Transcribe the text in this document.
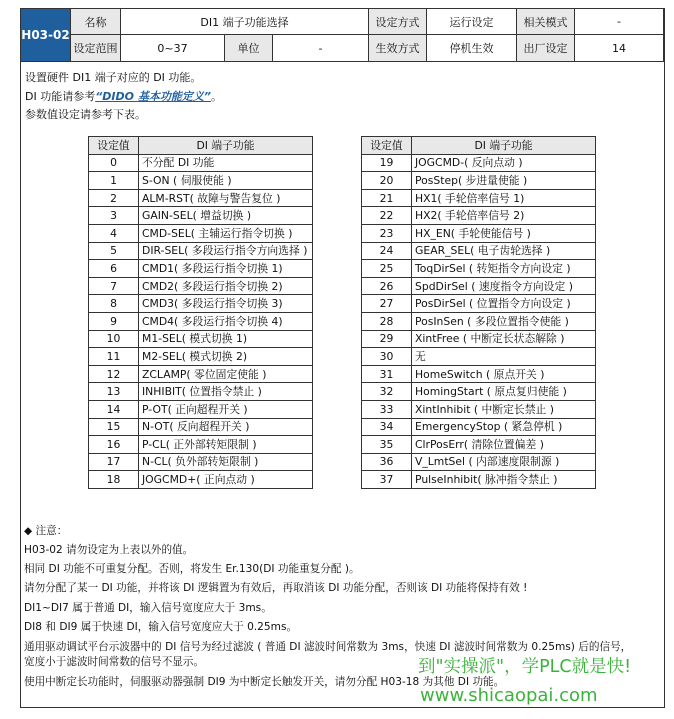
H03-02
名称	DI1 端子功能选择	设定方式	运行设定	相关模式	-
设定范围	0~37	单位	-	生效方式	停机生效	出厂设定	14
设置硬件 DI1 端子对应的 DI 功能。
DI 功能请参考“DIDO 基本功能定义”。
参数值设定请参考下表。
设定值	DI 端子功能
0	不分配 DI 功能
1	S-ON ( 伺服使能 )
2	ALM-RST( 故障与警告复位 )
3	GAIN-SEL( 增益切换 )
4	CMD-SEL( 主辅运行指令切换 )
5	DIR-SEL( 多段运行指令方向选择 )
6	CMD1( 多段运行指令切换 1)
7	CMD2( 多段运行指令切换 2)
8	CMD3( 多段运行指令切换 3)
9	CMD4( 多段运行指令切换 4)
10	M1-SEL( 模式切换 1)
11	M2-SEL( 模式切换 2)
12	ZCLAMP( 零位固定使能 )
13	INHIBIT( 位置指令禁止 )
14	P-OT( 正向超程开关 )
15	N-OT( 反向超程开关 )
16	P-CL( 正外部转矩限制 )
17	N-CL( 负外部转矩限制 )
18	JOGCMD+( 正向点动 )
设定值	DI 端子功能
19	JOGCMD-( 反向点动 )
20	PosStep( 步进量使能 )
21	HX1( 手轮倍率信号 1)
22	HX2( 手轮倍率信号 2)
23	HX_EN( 手轮使能信号 )
24	GEAR_SEL( 电子齿轮选择 )
25	ToqDirSel ( 转矩指令方向设定 )
26	SpdDirSel ( 速度指令方向设定 )
27	PosDirSel ( 位置指令方向设定 )
28	PosInSen ( 多段位置指令使能 )
29	XintFree ( 中断定长状态解除 )
30	无
31	HomeSwitch ( 原点开关 )
32	HomingStart ( 原点复归使能 )
33	XintInhibit ( 中断定长禁止 )
34	EmergencyStop ( 紧急停机 )
35	ClrPosErr( 清除位置偏差 )
36	V_LmtSel ( 内部速度限制源 )
37	PulseInhibit( 脉冲指令禁止 )
◆ 注意：
H03-02 请勿设定为上表以外的值。
相同 DI 功能不可重复分配。否则，将发生 Er.130(DI 功能重复分配 )。
请勿分配了某一 DI 功能，并将该 DI 逻辑置为有效后，再取消该 DI 功能分配，否则该 DI 功能将保持有效 !
DI1~DI7 属于普通 DI，输入信号宽度应大于 3ms。
DI8 和 DI9 属于快速 DI，输入信号宽度应大于 0.25ms。
通用驱动调试平台示波器中的 DI 信号为经过滤波 ( 普通 DI 滤波时间常数为 3ms，快速 DI 滤波时间常数为 0.25ms) 后的信号，
宽度小于滤波时间常数的信号不显示。
使用中断定长功能时，伺服驱动器强制 DI9 为中断定长触发开关，请勿分配 H03-18 为其他 DI 功能。
到"实操派"，学PLC就是快!
www.shicaopai.com
